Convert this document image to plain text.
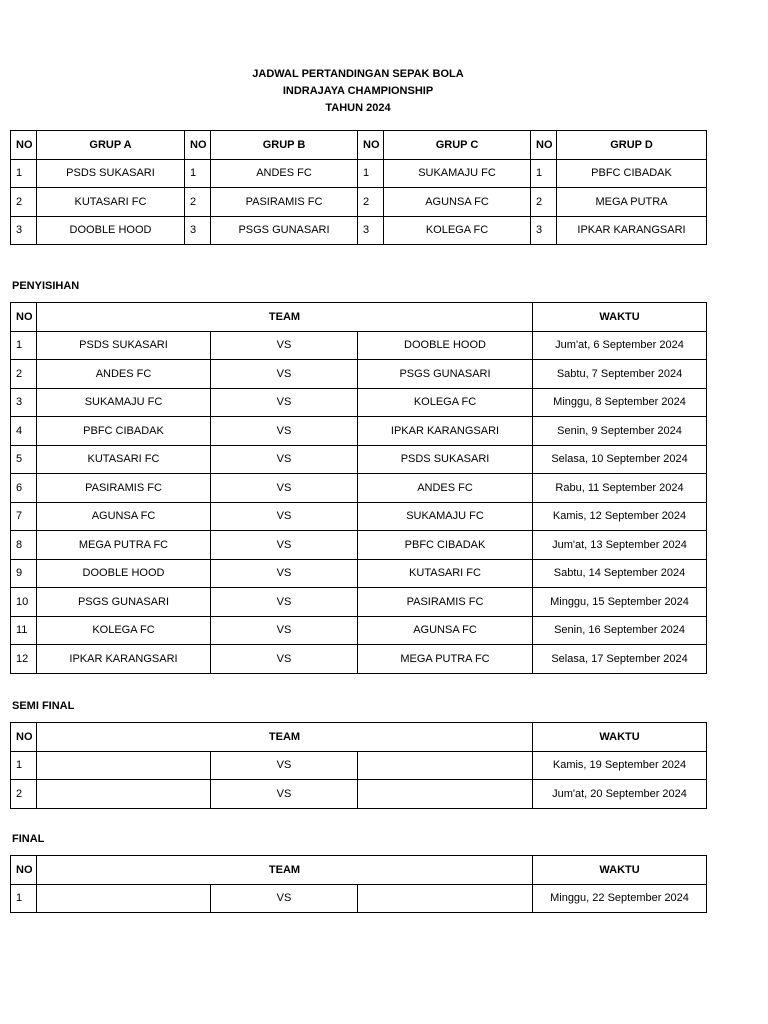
JADWAL PERTANDINGAN SEPAK BOLA
INDRAJAYA CHAMPIONSHIP
TAHUN 2024
NO	GRUP A	NO	GRUP B	NO	GRUP C	NO	GRUP D
1	PSDS SUKASARI	1	ANDES FC	1	SUKAMAJU FC	1	PBFC CIBADAK
2	KUTASARI FC	2	PASIRAMIS FC	2	AGUNSA FC	2	MEGA PUTRA
3	DOOBLE HOOD	3	PSGS GUNASARI	3	KOLEGA FC	3	IPKAR KARANGSARI
PENYISIHAN
NO	TEAM			WAKTU
1	PSDS SUKASARI	VS	DOOBLE HOOD	Jum'at, 6 September 2024
2	ANDES FC	VS	PSGS GUNASARI	Sabtu, 7 September 2024
3	SUKAMAJU FC	VS	KOLEGA FC	Minggu, 8 September 2024
4	PBFC CIBADAK	VS	IPKAR KARANGSARI	Senin, 9 September 2024
5	KUTASARI FC	VS	PSDS SUKASARI	Selasa, 10 September 2024
6	PASIRAMIS FC	VS	ANDES FC	Rabu, 11 September 2024
7	AGUNSA FC	VS	SUKAMAJU FC	Kamis, 12 September 2024
8	MEGA PUTRA FC	VS	PBFC CIBADAK	Jum'at, 13 September 2024
9	DOOBLE HOOD	VS	KUTASARI FC	Sabtu, 14 September 2024
10	PSGS GUNASARI	VS	PASIRAMIS FC	Minggu, 15 September 2024
11	KOLEGA FC	VS	AGUNSA FC	Senin, 16 September 2024
12	IPKAR KARANGSARI	VS	MEGA PUTRA FC	Selasa, 17 September 2024
SEMI FINAL
NO	TEAM			WAKTU
1		VS		Kamis, 19 September 2024
2		VS		Jum'at, 20 September 2024
FINAL
NO	TEAM			WAKTU
1		VS		Minggu, 22 September 2024
